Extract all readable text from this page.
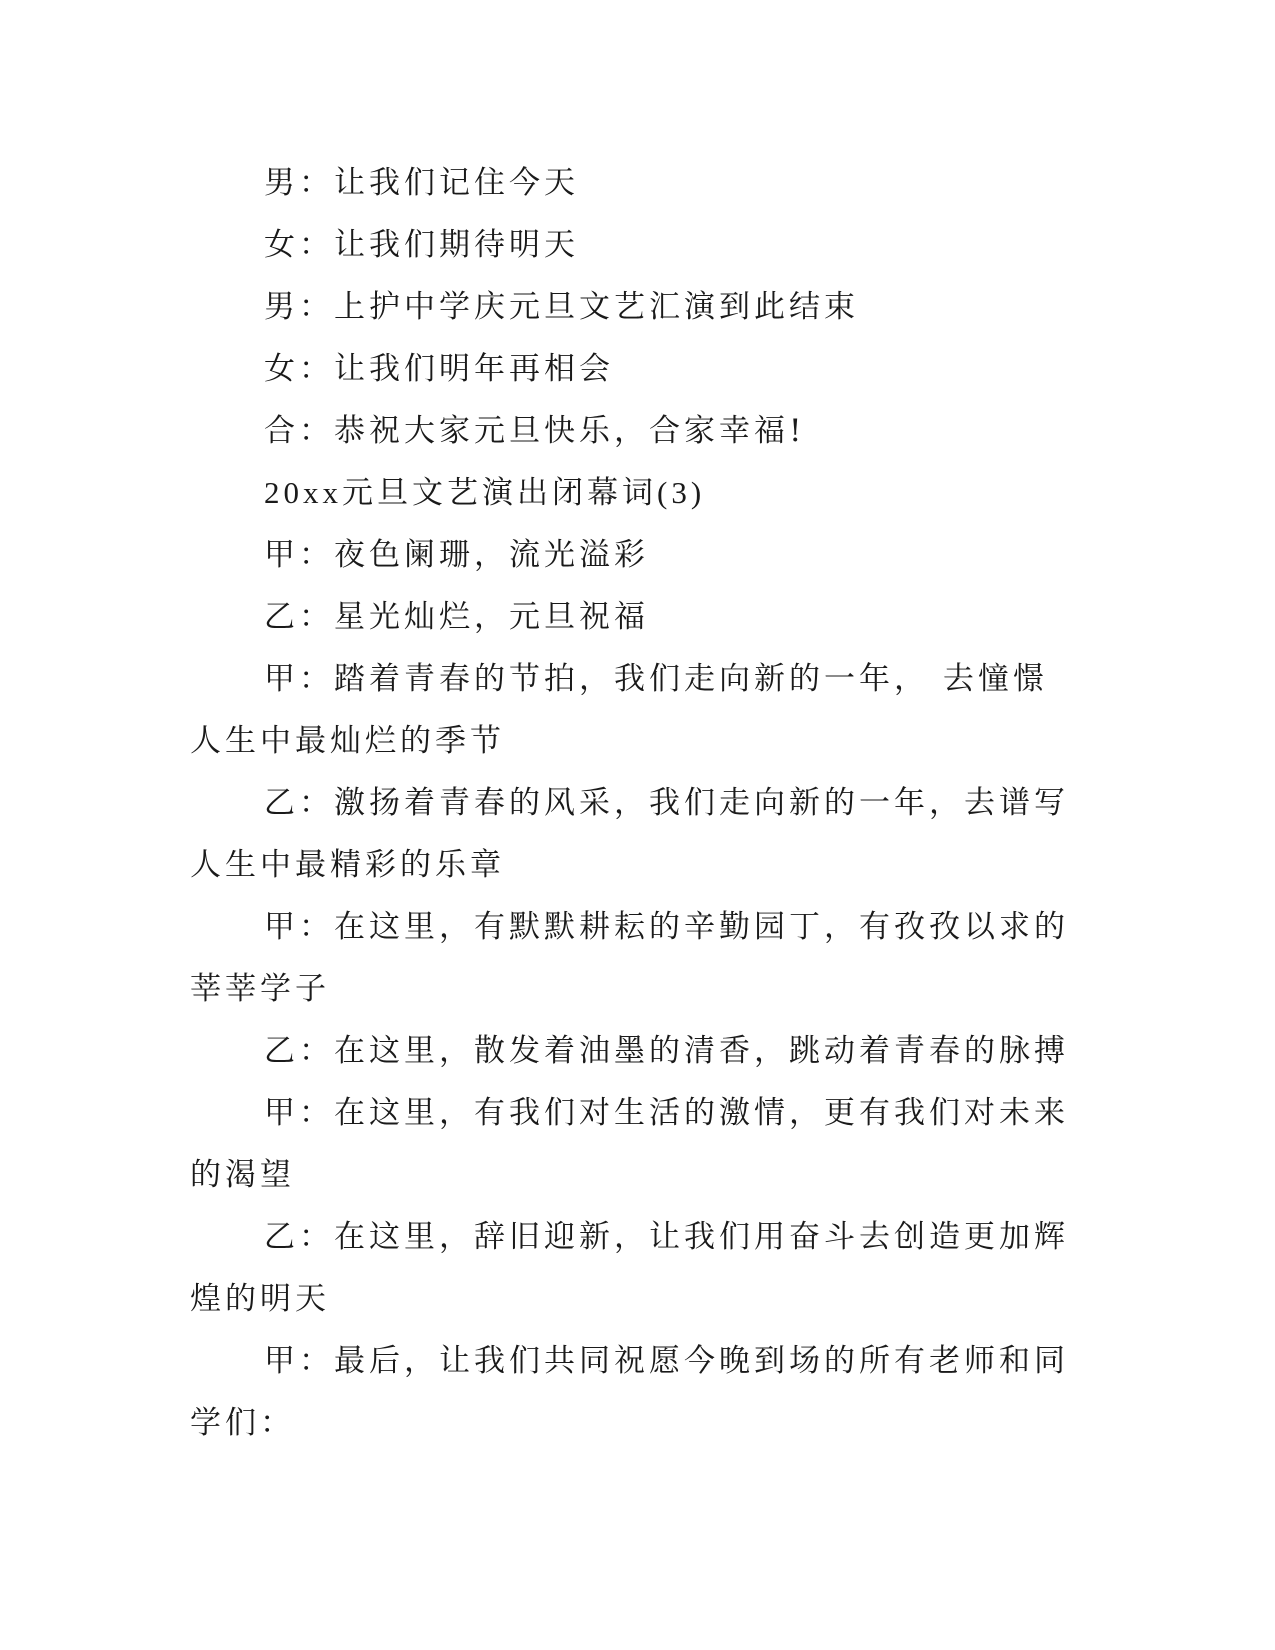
男：让我们记住今天

女：让我们期待明天

男：上护中学庆元旦文艺汇演到此结束

女：让我们明年再相会

合：恭祝大家元旦快乐，合家幸福!

20xx元旦文艺演出闭幕词(3)

甲：夜色阑珊，流光溢彩

乙：星光灿烂，元旦祝福

甲：踏着青春的节拍，我们走向新的一年， 去憧憬人生中最灿烂的季节

乙：激扬着青春的风采，我们走向新的一年，去谱写人生中最精彩的乐章

甲：在这里，有默默耕耘的辛勤园丁，有孜孜以求的莘莘学子

乙：在这里，散发着油墨的清香，跳动着青春的脉搏

甲：在这里，有我们对生活的激情，更有我们对未来的渴望

乙：在这里，辞旧迎新，让我们用奋斗去创造更加辉煌的明天

甲：最后，让我们共同祝愿今晚到场的所有老师和同学们：
